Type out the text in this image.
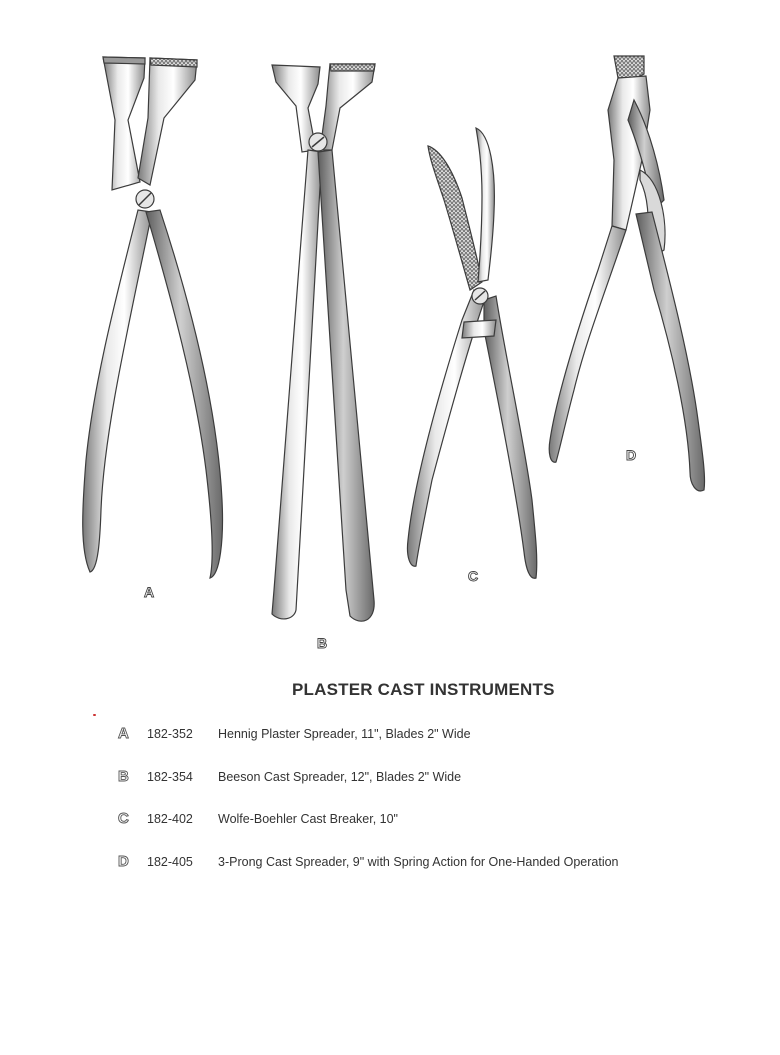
A
B
C
D
PLASTER CAST INSTRUMENTS
A 182-352 Hennig Plaster Spreader, 11", Blades 2" Wide
B 182-354 Beeson Cast Spreader, 12", Blades 2" Wide
C 182-402 Wolfe-Boehler Cast Breaker, 10"
D 182-405 3-Prong Cast Spreader, 9" with Spring Action for One-Handed Operation
